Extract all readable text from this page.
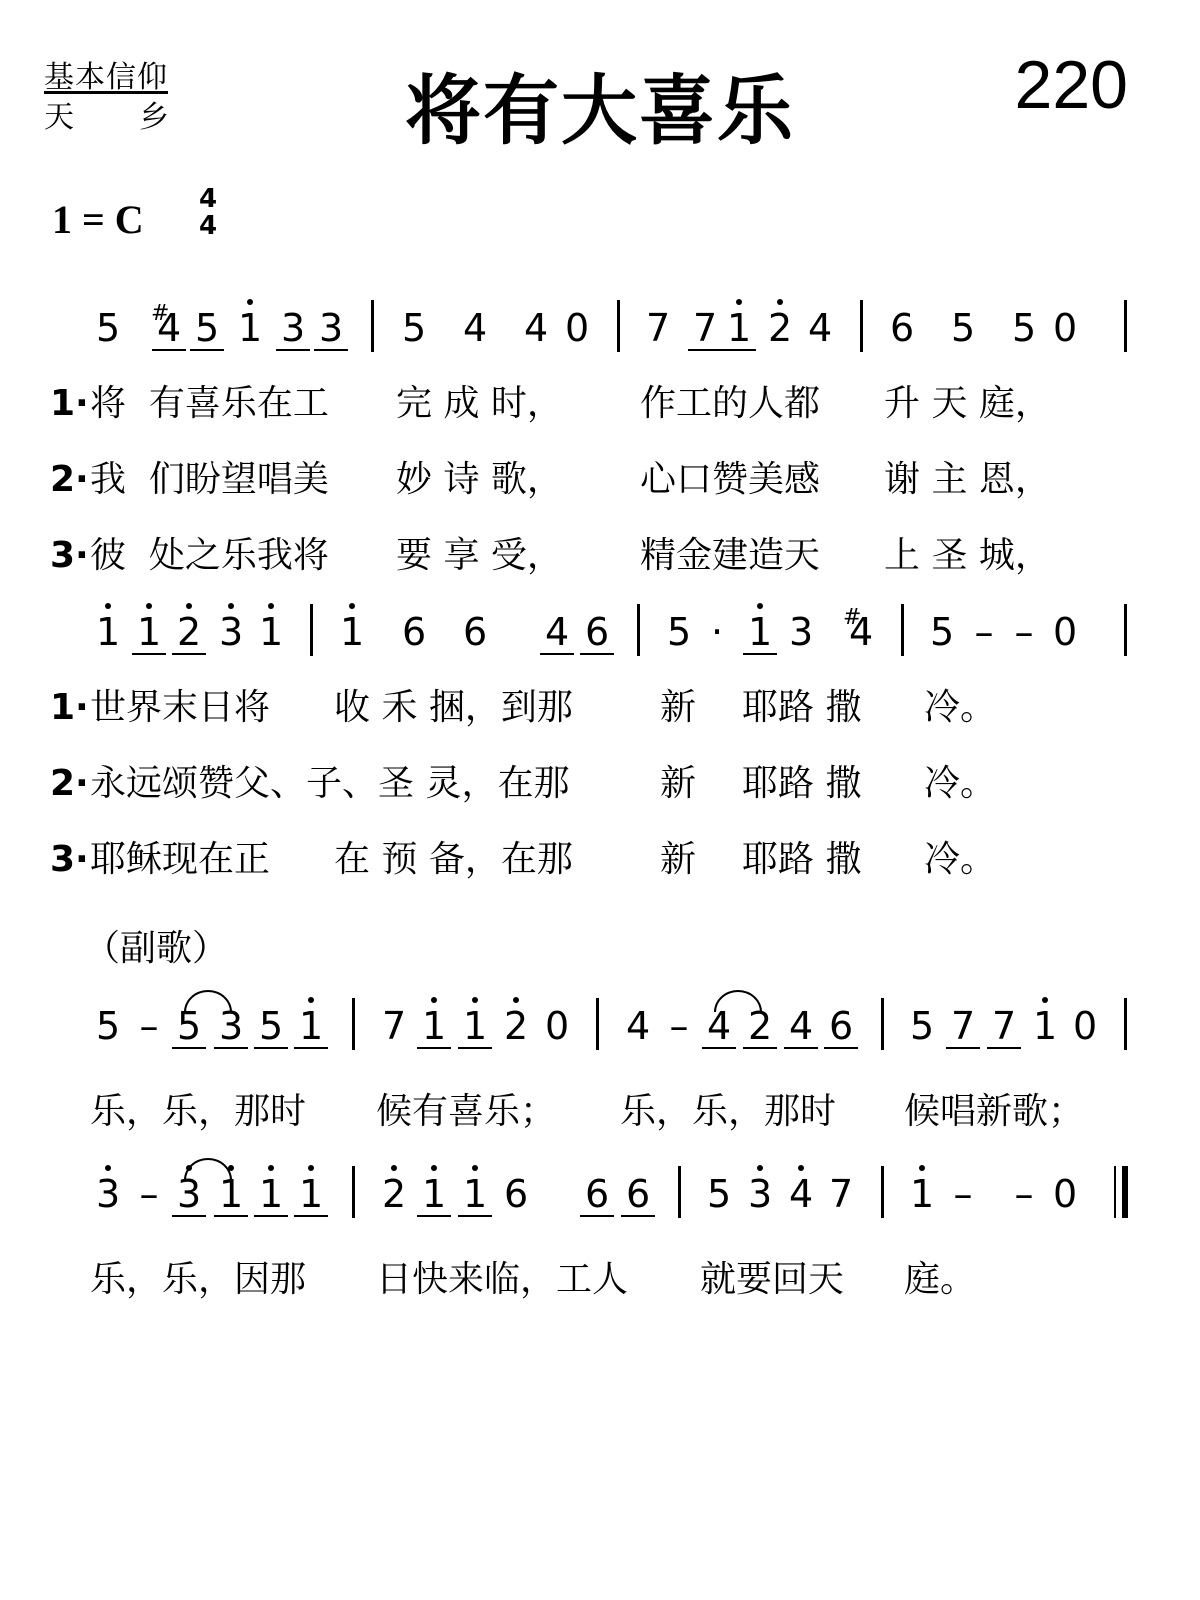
基本信仰
天 乡	将有大喜乐	220
1 = C 4
4
5 # 4 5 1 3 3 5 4 4 0 7 7 1 2 4 6 5 5 0

1·

将  有喜乐在工

完 成 时，

作工的人都

升 天 庭，

2·

我  们盼望唱美

妙 诗 歌，

心口赞美感

谢 主 恩，

3·

彼  处之乐我将

要 享 受，

精金建造天

上 圣 城，

1 1 2 3 1 1 6 6 4 6 5 · 1 3 # 4 5 – – 0

1·

世界末日将

收 禾 捆，到那

新

耶路 撒

冷。

2·

永远颂赞父、子、圣 灵，在那

	新

耶路 撒

冷。

3·

耶稣现在正

在 预 备，在那

新

耶路 撒

冷。

（副歌）
5 – 5 3 5 1 7 1 1 2 0 4 – 4 2 4 6 5 7 7 1 0

乐，乐，那时

候有喜乐；

乐，乐，那时

候唱新歌；

3 – 3 1 1 1 2 1 1 6 6 6 5 3 4 7 1 – – 0

乐，乐，因那

日快来临，工人

就要回天

庭。
